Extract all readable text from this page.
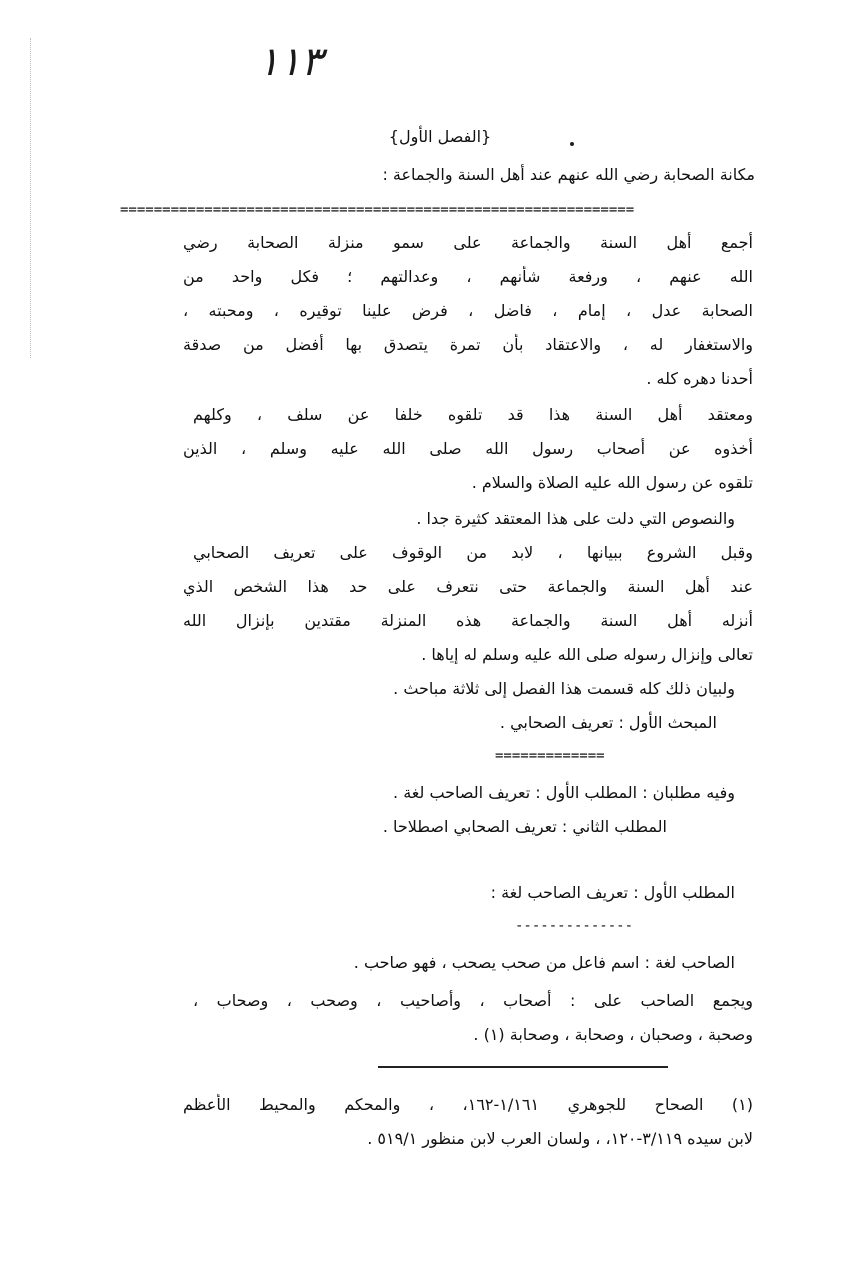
١١٣
{الفصل الأول}
مكانة الصحابة رضي الله عنهم عند أهل السنة والجماعة :
=============================================================
أجمع أهل السنة والجماعة على سمو منزلة الصحابة رضي
الله عنهم ، ورفعة شأنهم ، وعدالتهم ؛ فكل واحد من
الصحابة عدل ، إمام ، فاضل ، فرض علينا توقيره ، ومحبته ،
والاستغفار له ، والاعتقاد بأن تمرة يتصدق بها أفضل من صدقة
أحدنا دهره كله .
ومعتقد أهل السنة هذا قد تلقوه خلفا عن سلف ، وكلهم
أخذوه عن أصحاب رسول الله صلى الله عليه وسلم ، الذين
تلقوه عن رسول الله عليه الصلاة والسلام .
والنصوص التي دلت على هذا المعتقد كثيرة جدا .
وقبل الشروع ببيانها ، لابد من الوقوف على تعريف الصحابي
عند أهل السنة والجماعة حتى نتعرف على حد هذا الشخص الذي
أنزله أهل السنة والجماعة هذه المنزلة مقتدين بإنزال الله
تعالى وإنزال رسوله صلى الله عليه وسلم له إياها .
ولبيان ذلك كله قسمت هذا الفصل إلى ثلاثة مباحث .
المبحث الأول : تعريف الصحابي .
=============
وفيه مطلبان : المطلب الأول : تعريف الصاحب لغة .
المطلب الثاني : تعريف الصحابي اصطلاحا .
المطلب الأول : تعريف الصاحب لغة :
--------------
الصاحب لغة : اسم فاعل من صحب يصحب ، فهو صاحب .
ويجمع الصاحب على : أصحاب ، وأصاحيب ، وصحب ، وصحاب ،
وصحبة ، وصحبان ، وصحابة ، وصحابة (١) .
(١) الصحاح للجوهري ١/١٦١-١٦٢، ، والمحكم والمحيط الأعظم
لابن سيده ٣/١١٩-١٢٠، ، ولسان العرب لابن منظور ٥١٩/١ .
